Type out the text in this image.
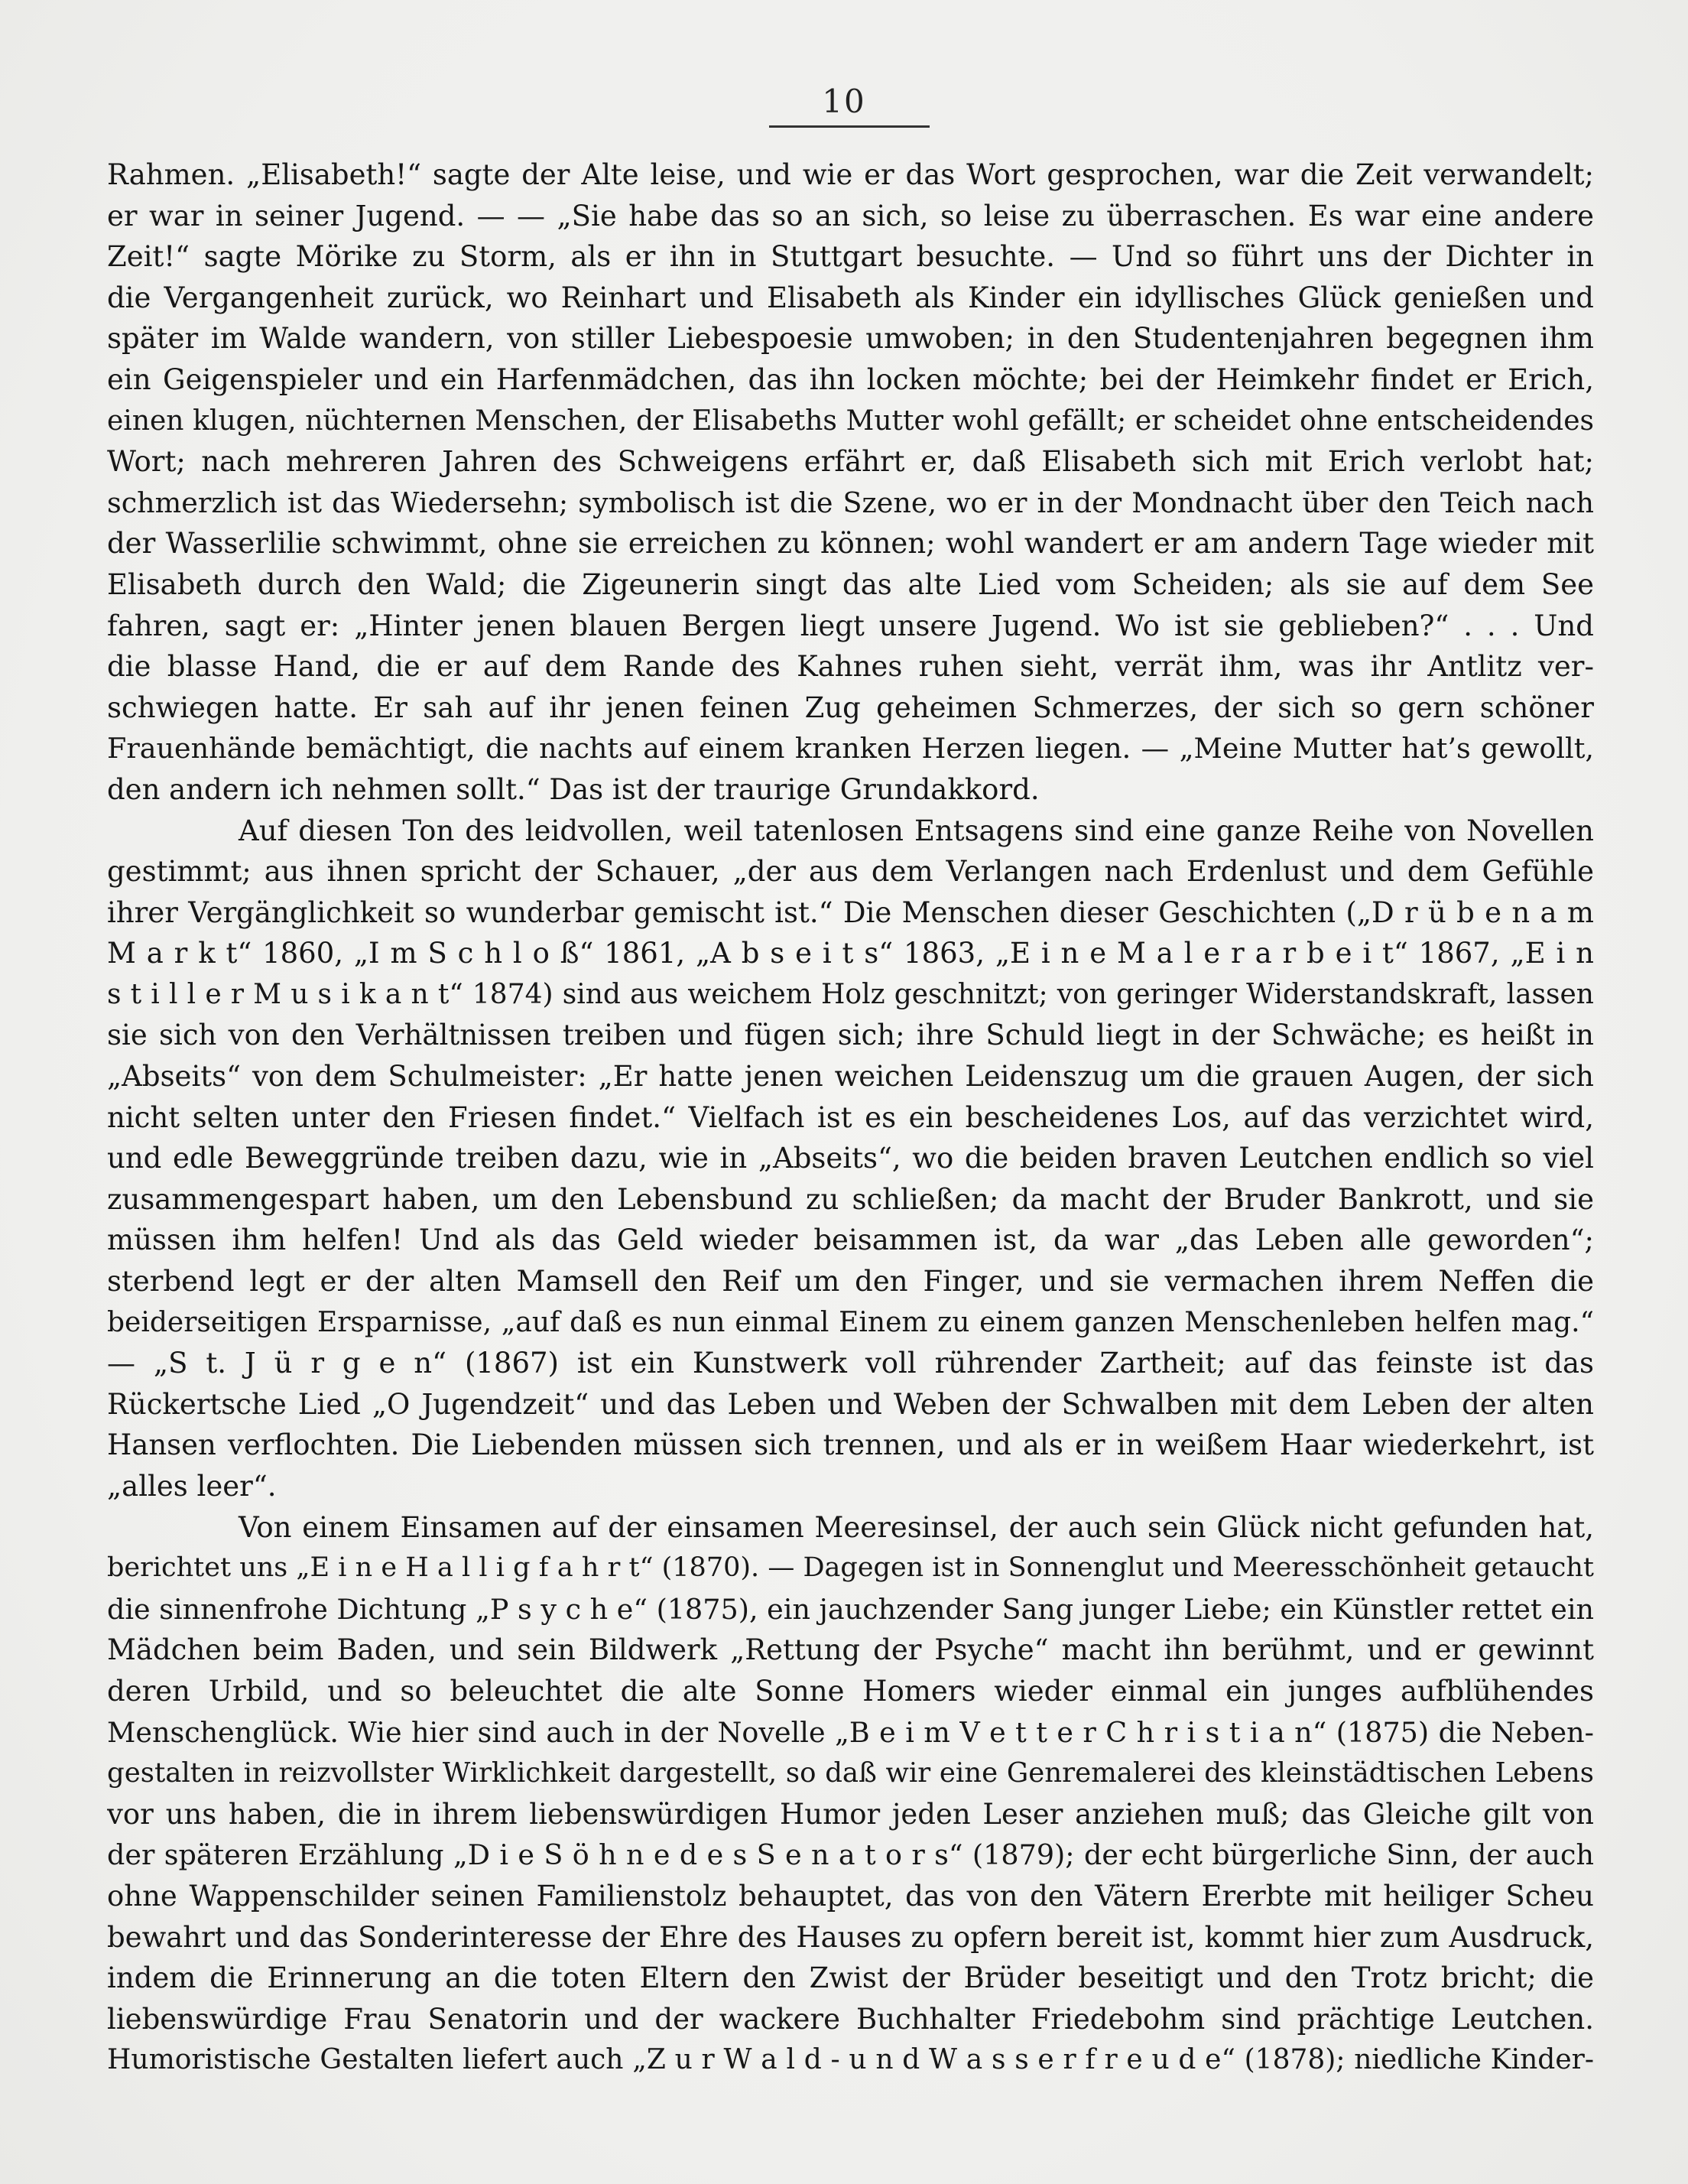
10
Rahmen. „Elisabeth!“ sagte der Alte leise, und wie er das Wort gesprochen, war die Zeit verwandelt;
er war in seiner Jugend. — — „Sie habe das so an sich, so leise zu überraschen. Es war eine andere
Zeit!“ sagte Mörike zu Storm, als er ihn in Stuttgart besuchte. — Und so führt uns der Dichter in
die Vergangenheit zurück, wo Reinhart und Elisabeth als Kinder ein idyllisches Glück genießen und
später im Walde wandern, von stiller Liebespoesie umwoben; in den Studentenjahren begegnen ihm
ein Geigenspieler und ein Harfenmädchen, das ihn locken möchte; bei der Heimkehr findet er Erich,
einen klugen, nüchternen Menschen, der Elisabeths Mutter wohl gefällt; er scheidet ohne entscheidendes
Wort; nach mehreren Jahren des Schweigens erfährt er, daß Elisabeth sich mit Erich verlobt hat;
schmerzlich ist das Wiedersehn; symbolisch ist die Szene, wo er in der Mondnacht über den Teich nach
der Wasserlilie schwimmt, ohne sie erreichen zu können; wohl wandert er am andern Tage wieder mit
Elisabeth durch den Wald; die Zigeunerin singt das alte Lied vom Scheiden; als sie auf dem See
fahren, sagt er: „Hinter jenen blauen Bergen liegt unsere Jugend. Wo ist sie geblieben?“ . . . Und
die blasse Hand, die er auf dem Rande des Kahnes ruhen sieht, verrät ihm, was ihr Antlitz ver-
schwiegen hatte. Er sah auf ihr jenen feinen Zug geheimen Schmerzes, der sich so gern schöner
Frauenhände bemächtigt, die nachts auf einem kranken Herzen liegen. — „Meine Mutter hat’s gewollt,
den andern ich nehmen sollt.“ Das ist der traurige Grundakkord.
Auf diesen Ton des leidvollen, weil tatenlosen Entsagens sind eine ganze Reihe von Novellen
gestimmt; aus ihnen spricht der Schauer, „der aus dem Verlangen nach Erdenlust und dem Gefühle
ihrer Vergänglichkeit so wunderbar gemischt ist.“ Die Menschen dieser Geschichten („D r ü b e n a m
M a r k t“ 1860, „I m S c h l o ß“ 1861, „A b s e i t s“ 1863, „E i n e M a l e r a r b e i t“ 1867, „E i n
s t i l l e r M u s i k a n t“ 1874) sind aus weichem Holz geschnitzt; von geringer Widerstandskraft, lassen
sie sich von den Verhältnissen treiben und fügen sich; ihre Schuld liegt in der Schwäche; es heißt in
„Abseits“ von dem Schulmeister: „Er hatte jenen weichen Leidenszug um die grauen Augen, der sich
nicht selten unter den Friesen findet.“ Vielfach ist es ein bescheidenes Los, auf das verzichtet wird,
und edle Beweggründe treiben dazu, wie in „Abseits“, wo die beiden braven Leutchen endlich so viel
zusammengespart haben, um den Lebensbund zu schließen; da macht der Bruder Bankrott, und sie
müssen ihm helfen! Und als das Geld wieder beisammen ist, da war „das Leben alle geworden“;
sterbend legt er der alten Mamsell den Reif um den Finger, und sie vermachen ihrem Neffen die
beiderseitigen Ersparnisse, „auf daß es nun einmal Einem zu einem ganzen Menschenleben helfen mag.“
— „S t. J ü r g e n“ (1867) ist ein Kunstwerk voll rührender Zartheit; auf das feinste ist das
Rückertsche Lied „O Jugendzeit“ und das Leben und Weben der Schwalben mit dem Leben der alten
Hansen verflochten. Die Liebenden müssen sich trennen, und als er in weißem Haar wiederkehrt, ist
„alles leer“.
Von einem Einsamen auf der einsamen Meeresinsel, der auch sein Glück nicht gefunden hat,
berichtet uns „E i n e H a l l i g f a h r t“ (1870). — Dagegen ist in Sonnenglut und Meeresschönheit getaucht
die sinnenfrohe Dichtung „P s y c h e“ (1875), ein jauchzender Sang junger Liebe; ein Künstler rettet ein
Mädchen beim Baden, und sein Bildwerk „Rettung der Psyche“ macht ihn berühmt, und er gewinnt
deren Urbild, und so beleuchtet die alte Sonne Homers wieder einmal ein junges aufblühendes
Menschenglück. Wie hier sind auch in der Novelle „B e i m V e t t e r C h r i s t i a n“ (1875) die Neben-
gestalten in reizvollster Wirklichkeit dargestellt, so daß wir eine Genremalerei des kleinstädtischen Lebens
vor uns haben, die in ihrem liebenswürdigen Humor jeden Leser anziehen muß; das Gleiche gilt von
der späteren Erzählung „D i e S ö h n e d e s S e n a t o r s“ (1879); der echt bürgerliche Sinn, der auch
ohne Wappenschilder seinen Familienstolz behauptet, das von den Vätern Ererbte mit heiliger Scheu
bewahrt und das Sonderinteresse der Ehre des Hauses zu opfern bereit ist, kommt hier zum Ausdruck,
indem die Erinnerung an die toten Eltern den Zwist der Brüder beseitigt und den Trotz bricht; die
liebenswürdige Frau Senatorin und der wackere Buchhalter Friedebohm sind prächtige Leutchen.
Humoristische Gestalten liefert auch „Z u r W a l d - u n d W a s s e r f r e u d e“ (1878); niedliche Kinder-
